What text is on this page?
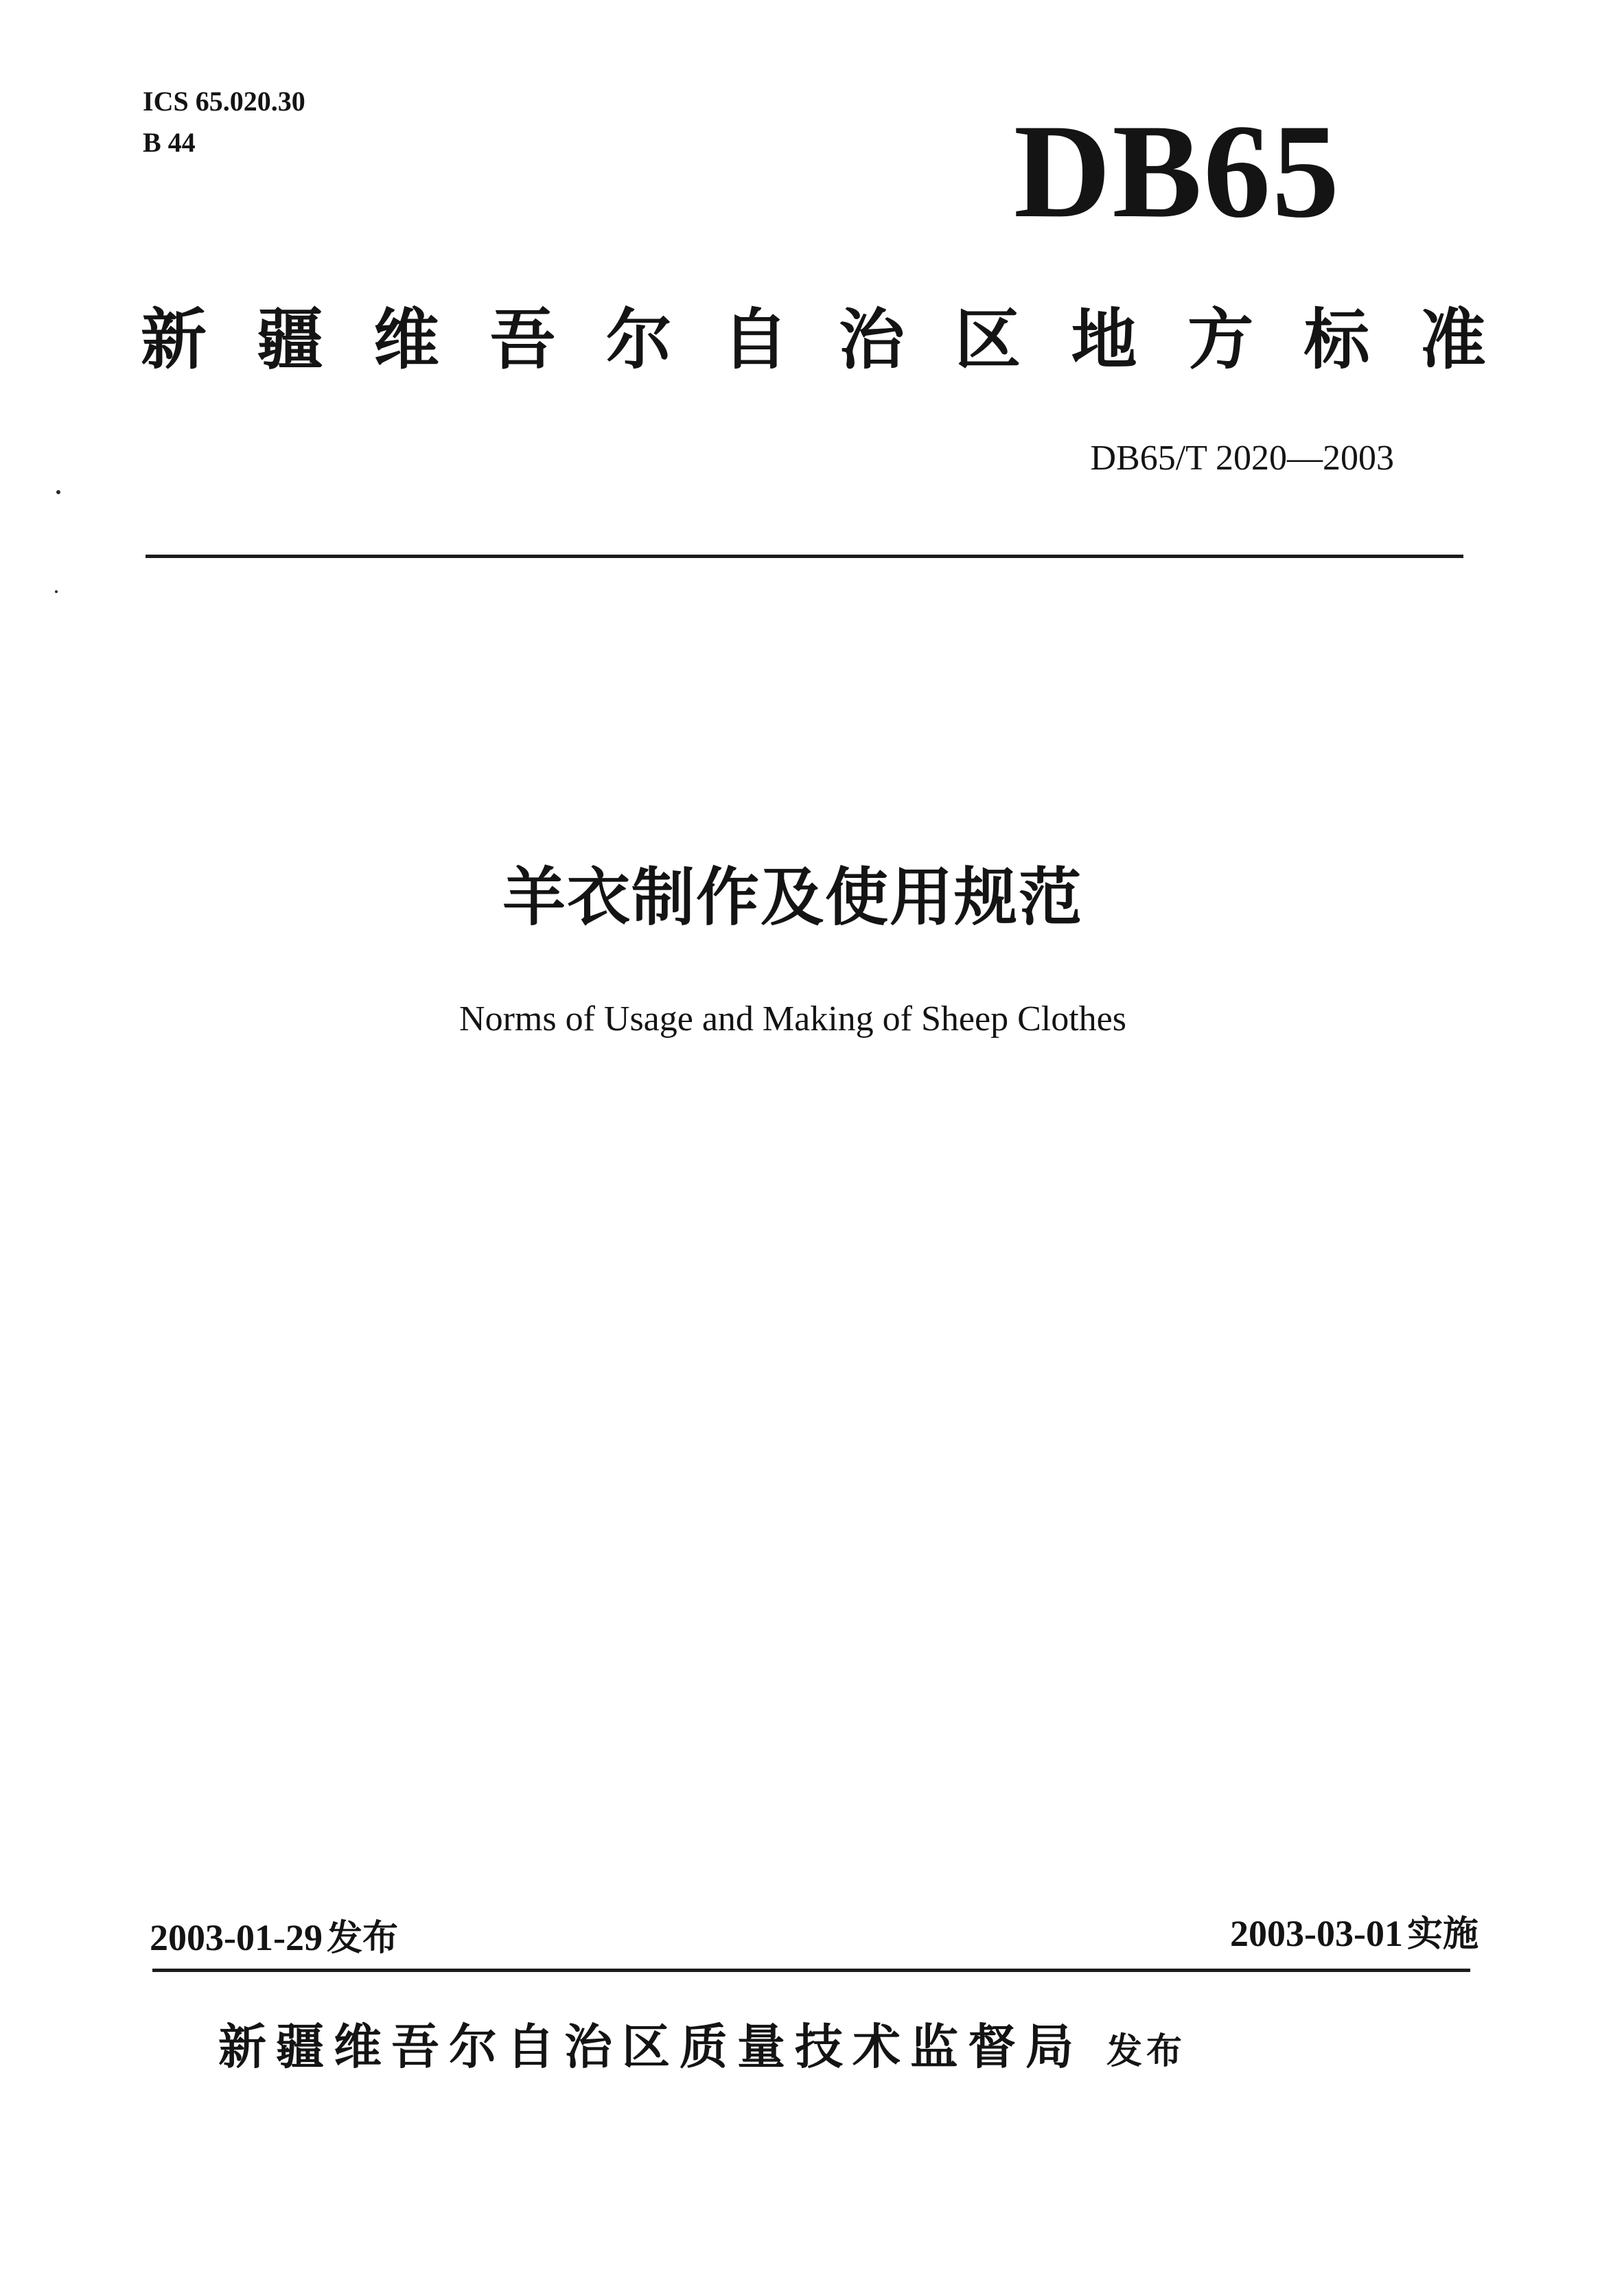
ICS 65.020.30
B 44	DB65
新 疆 维 吾 尔 自 治 区 地 方 标 准
DB65/T 2020—2003
羊衣制作及使用规范
Norms of Usage and Making of Sheep Clothes
2003-01-29 发布	2003-03-01 实施
新疆维吾尔自治区质量技术监督局 发布
